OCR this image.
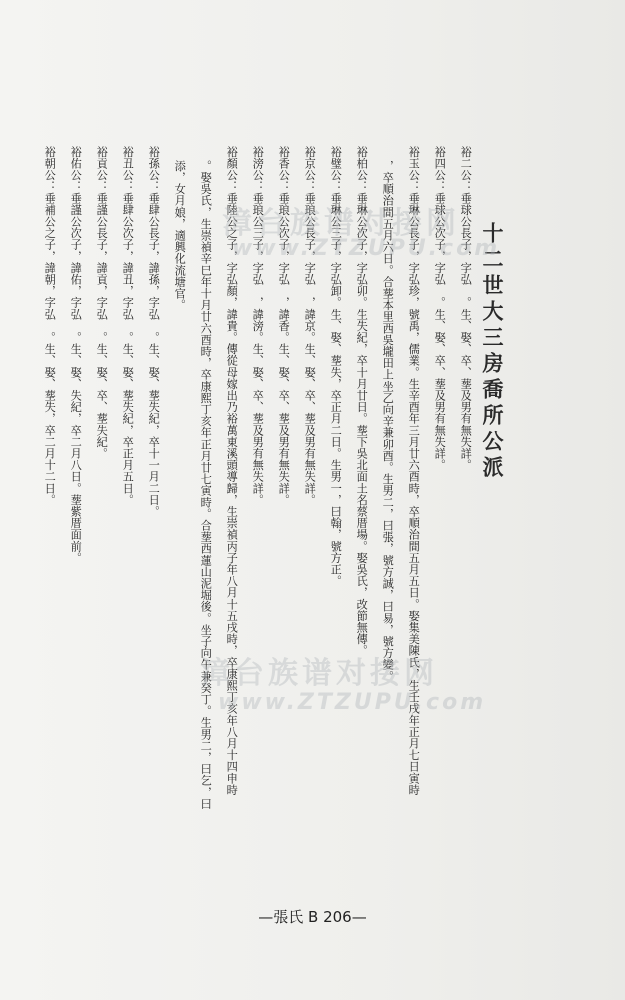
十二世大三房喬所公派
裕二公：垂球公長子，字弘　。生、娶、卒、塟及男有無失詳。
裕四公：垂球公次子，字弘　。生、娶、卒、塟及男有無失詳。
裕玉公：垂琳公長子，字弘珍，號禹，儒業。生辛酉年三月廿六酉時，卒順治間五月五日。娶集美陳氏，生壬戌年正月七日寅時
，卒順治間五月六日。合塟本里西吳壠田上坐乙向辛兼卯酉。生男二，曰張，號方誠，曰易，號方變。
裕柏公：垂琳公次子，字弘卯。生失紀，卒十月廿日。塟下吳北面土名蔡厝場。娶吳氏，改節無傳。
裕璧公：垂琳公三子，字弘卸。生、娶、塟失，卒正月二日。生男一，曰翰，號方正。
裕京公：垂琅公長子，字弘　，諱京。生、娶、卒、塟及男有無失詳。
裕香公：垂琅公次子，字弘　，諱香。生、娶、卒、塟及男有無失詳。
裕滂公：垂琅公三子，字弘　，諱滂。生、娶、卒、塟及男有無失詳。
裕顏公：垂陸公之子，字弘顏，諱貴。傳從母嫁出乃裕萬東溪頭導歸，生崇禎丙子年八月十五戌時，卒康熙丁亥年八月十四申時
。娶吳氏，生崇禎辛巳年十月廿六酉時，卒康熙丁亥年正月廿七寅時。合塟西蓮山泥堀後。坐子向午兼癸丁。生男二，曰乞，曰
添，女月娘，適興化流塘官。
裕孫公：垂肆公長子，諱孫，字弘　。生、娶、塟失紀，卒十一月二日。
裕丑公：垂肆公次子，諱丑，字弘　。生、娶、塟失紀，卒正月五日。
裕貢公：垂謹公長子，諱貢，字弘　。生、娶、卒、塟失紀。
裕佑公：垂謹公次子，諱佑，字弘　。生、娶、失紀，卒二月八日。塟紫厝面前。
裕朝公：垂補公之子，諱朝，字弘　。生、娶、塟失，卒二月十二日。	漳台族谱对接网
www.ZTZUPU.com
漳台族谱对接网
www.ZTZUPU.com
—張氏 B 206—
